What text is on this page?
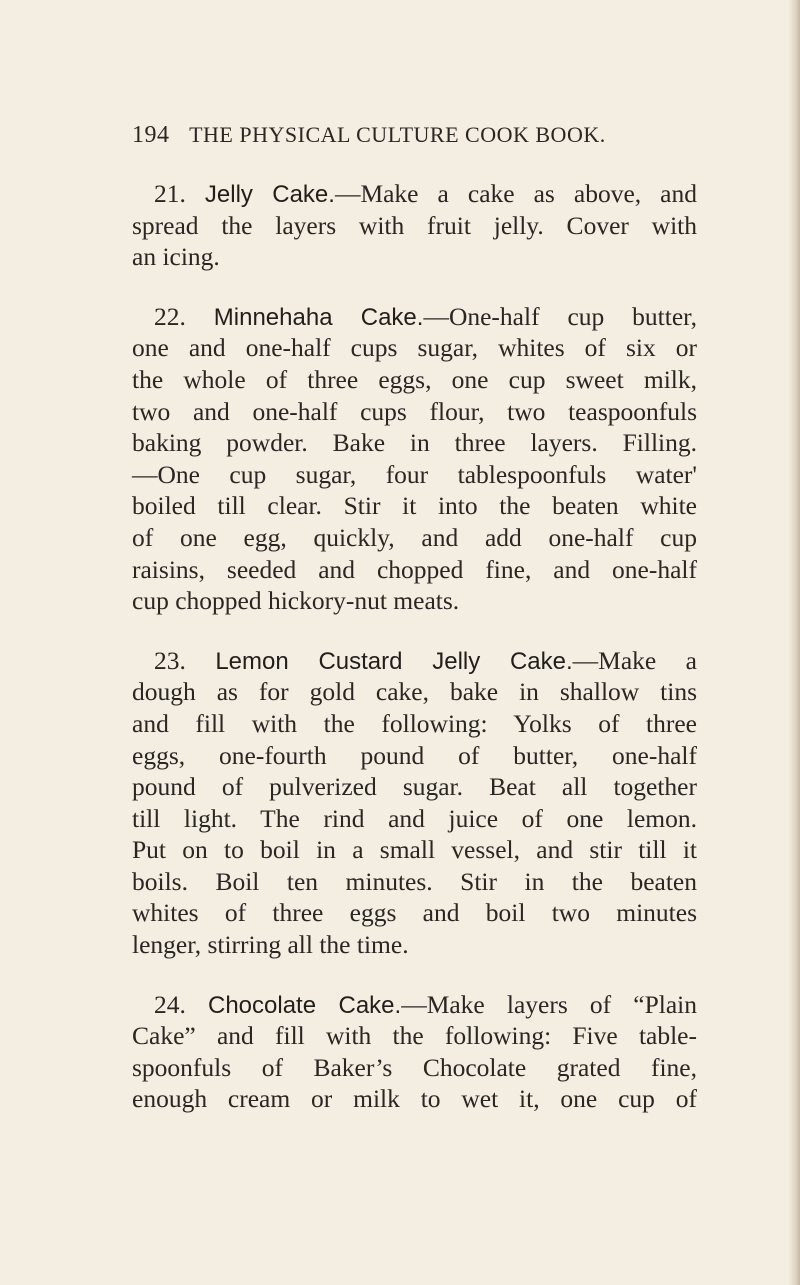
194 THE PHYSICAL CULTURE COOK BOOK.
21. Jelly Cake.—Make a cake as above, and
spread the layers with fruit jelly. Cover with
an icing.
22. Minnehaha Cake.—One-half cup butter,
one and one-half cups sugar, whites of six or
the whole of three eggs, one cup sweet milk,
two and one-half cups flour, two teaspoonfuls
baking powder. Bake in three layers. Filling.
—One cup sugar, four tablespoonfuls water'
boiled till clear. Stir it into the beaten white
of one egg, quickly, and add one-half cup
raisins, seeded and chopped fine, and one-half
cup chopped hickory-nut meats.
23. Lemon Custard Jelly Cake.—Make a
dough as for gold cake, bake in shallow tins
and fill with the following: Yolks of three
eggs, one-fourth pound of butter, one-half
pound of pulverized sugar. Beat all together
till light. The rind and juice of one lemon.
Put on to boil in a small vessel, and stir till it
boils. Boil ten minutes. Stir in the beaten
whites of three eggs and boil two minutes
lenger, stirring all the time.
24. Chocolate Cake.—Make layers of “Plain
Cake” and fill with the following: Five table-
spoonfuls of Baker’s Chocolate grated fine,
enough cream or milk to wet it, one cup of
